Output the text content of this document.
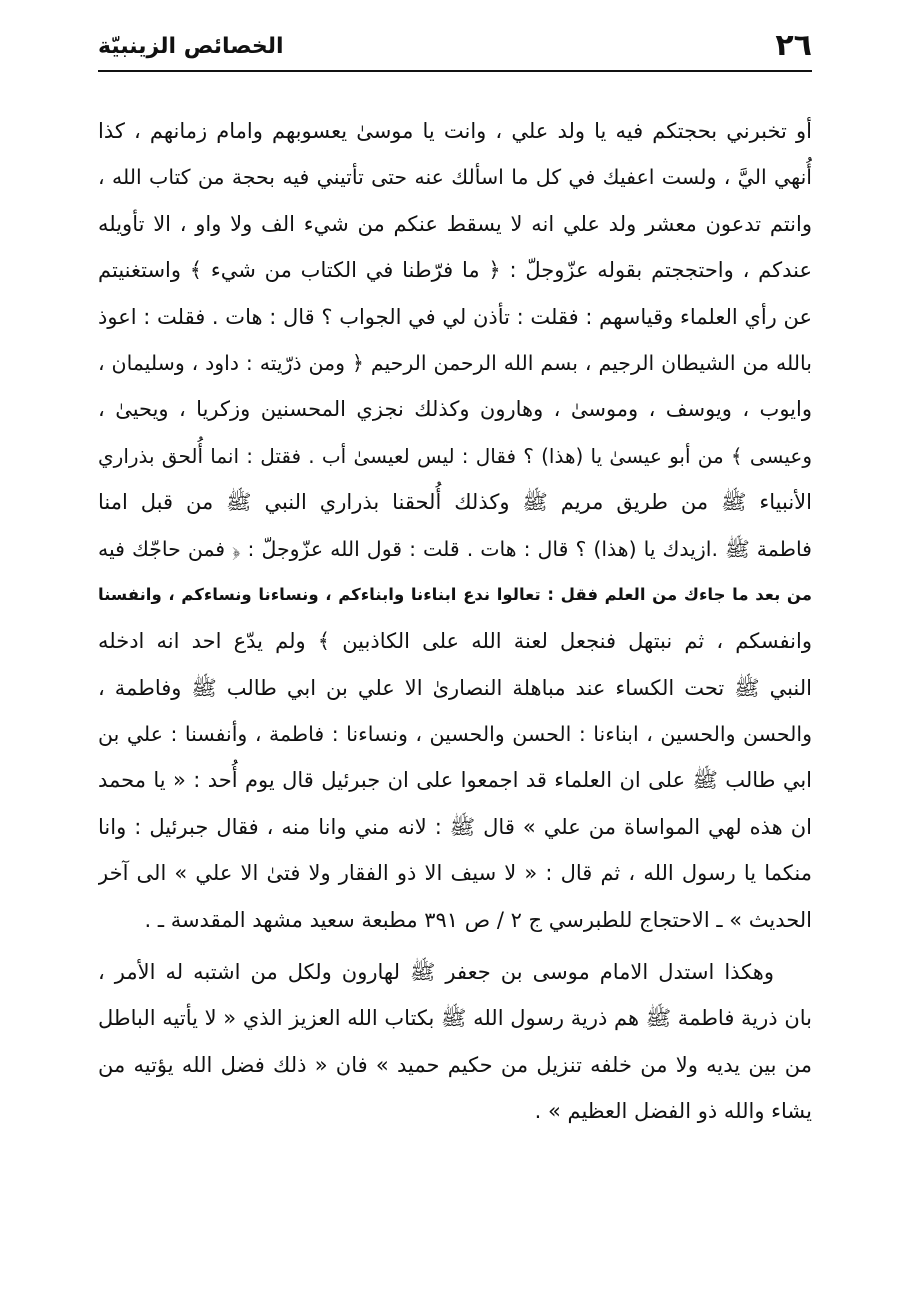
٢٦
الخصائص الزينبيّة
أو تخبرني بحجتكم فيه يا ولد علي ، وانت يا موسىٰ يعسوبهم وامام زمانهم ، كذا
أُنهي اليَّ ، ولست اعفيك في كل ما اسألك عنه حتى تأتيني فيه بحجة من كتاب الله ،
وانتم تدعون معشر ولد علي انه لا يسقط عنكم من شيء الف ولا واو ، الا تأويله
عندكم ، واحتججتم بقوله عزّوجلّ : ﴿ ما فرّطنا في الكتاب من شيء ﴾ واستغنيتم
عن رأي العلماء وقياسهم : فقلت : تأذن لي في الجواب ؟ قال : هات . فقلت : اعوذ
بالله من الشيطان الرجيم ، بسم الله الرحمن الرحيم ﴿ ومن ذرّيته : داود ، وسليمان ،
وايوب ، ويوسف ، وموسىٰ ، وهارون وكذلك نجزي المحسنين وزكريا ، ويحيىٰ ،
وعيسى ﴾ من أبو عيسىٰ يا (هذا) ؟ فقال : ليس لعيسىٰ أب . فقتل : انما أُلحق بذراري
الأنبياء ﷺ من طريق مريم ﷺ وكذلك أُلحقنا بذراري النبي ﷺ من قبل امنا
فاطمة ﷺ .ازيدك يا (هذا) ؟ قال : هات . قلت : قول الله عزّوجلّ : ﴿ فمن حاجّك فيه
من بعد ما جاءك من العلم فقل : تعالوا ندع ابناءنا وابناءكم ، ونساءنا ونساءكم ، وانفسنا
وانفسكم ، ثم نبتهل فنجعل لعنة الله على الكاذبين ﴾ ولم يدّع احد انه ادخله
النبي ﷺ تحت الكساء عند مباهلة النصارىٰ الا علي بن ابي طالب ﷺ وفاطمة ،
والحسن والحسين ، ابناءنا : الحسن والحسين ، ونساءنا : فاطمة ، وأنفسنا : علي بن
ابي طالب ﷺ على ان العلماء قد اجمعوا على ان جبرئيل قال يوم أُحد : « يا محمد
ان هذه لهي المواساة من علي » قال ﷺ : لانه مني وانا منه ، فقال جبرئيل : وانا
منكما يا رسول الله ، ثم قال : « لا سيف الا ذو الفقار ولا فتىٰ الا علي » الى آخر
الحديث » ـ الاحتجاج للطبرسي ج ٢ / ص ٣٩١ مطبعة سعيد مشهد المقدسة ـ .
وهكذا استدل الامام موسى بن جعفر ﷺ لهارون ولكل من اشتبه له الأمر ،
بان ذرية فاطمة ﷺ هم ذرية رسول الله ﷺ بكتاب الله العزيز الذي « لا يأتيه الباطل
من بين يديه ولا من خلفه تنزيل من حكيم حميد » فان « ذلك فضل الله يؤتيه من
يشاء والله ذو الفضل العظيم » .
